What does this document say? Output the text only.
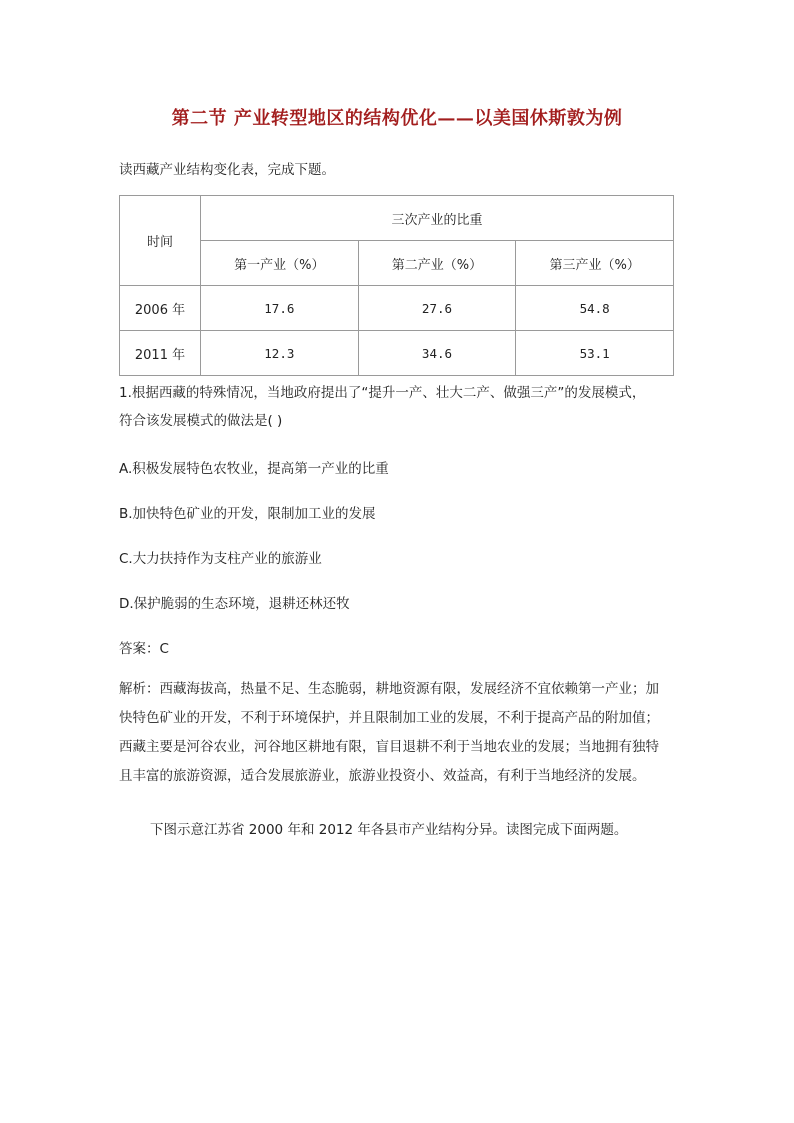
第二节 产业转型地区的结构优化——以美国休斯敦为例
读西藏产业结构变化表，完成下题。
时间	三次产业的比重		
	第一产业（%）	第二产业（%）	第三产业（%）
2006 年	17.6	27.6	54.8
2011 年	12.3	34.6	53.1
1.根据西藏的特殊情况，当地政府提出了“提升一产、壮大二产、做强三产”的发展模式，
符合该发展模式的做法是( )
A.积极发展特色农牧业，提高第一产业的比重
B.加快特色矿业的开发，限制加工业的发展
C.大力扶持作为支柱产业的旅游业
D.保护脆弱的生态环境，退耕还林还牧
答案：C
解析：西藏海拔高，热量不足、生态脆弱，耕地资源有限，发展经济不宜依赖第一产业；加
快特色矿业的开发，不利于环境保护，并且限制加工业的发展，不利于提高产品的附加值；
西藏主要是河谷农业，河谷地区耕地有限，盲目退耕不利于当地农业的发展；当地拥有独特
且丰富的旅游资源，适合发展旅游业，旅游业投资小、效益高，有利于当地经济的发展。
下图示意江苏省 2000 年和 2012 年各县市产业结构分异。读图完成下面两题。
